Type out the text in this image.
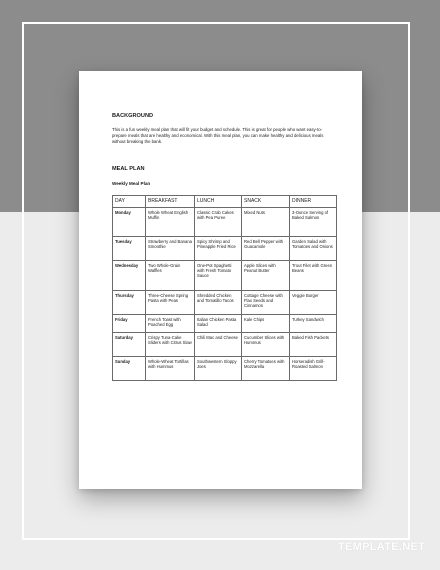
BACKGROUND
This is a fun weekly meal plan that will fit your budget and schedule. This is great for people who want easy-to-prepare meals that are healthy and economical. With this meal plan, you can make healthy and delicious meals without breaking the bank.
MEAL PLAN
Weekly Meal Plan
DAY	BREAKFAST	LUNCH	SNACK	DINNER
Monday	Whole Wheat English Muffin	Classic Crab Cakes with Pea Puree	Mixed Nuts	3-Ounce Serving of Baked Salmon
Tuesday	Strawberry and Banana Smoothie	Spicy Shrimp and Pineapple Fried Rice	Red Bell Pepper with Guacamole	Garden Salad with Tomatoes and Onions
Wednesday	Two Whole-Grain Waffles	One-Pot Spaghetti with Fresh Tomato Sauce	Apple Slices with Peanut Butter	Trout Filet with Green Beans
Thursday	Three-Cheese Spring Pasta with Peas	Shredded Chicken and Tomatillo Tacos	Cottage Cheese with Flax Seeds and Cinnamon	Veggie Burger
Friday	French Toast with Poached Egg	Italian Chicken Pasta Salad	Kale Chips	Turkey Sandwich
Saturday	Crispy Tuna-Cake Sliders with Citrus Slaw	Chili Mac and Cheese	Cucumber Slices with Hummus	Baked Fish Packets
Sunday	Whole-Wheat Tortillas with Hummus	Southwestern Sloppy Joes	Cherry Tomatoes with Mozzarella	Horseradish Grill-Roasted Salmon
TEMPLATE.NET
